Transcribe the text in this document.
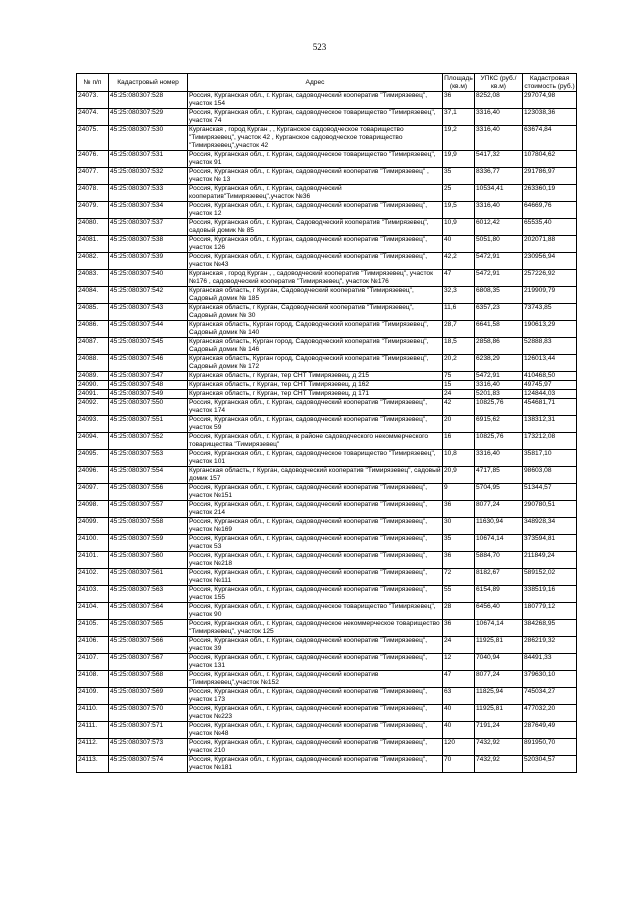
523
№ п/п	Кадастровый номер	Адрес	Площадь (кв.м)	УПКС (руб./кв.м)	Кадастровая стоимость (руб.)
24073.	45:25:080307:528	Россия, Курганская обл., г. Курган, садоводческий кооператив "Тимирязевец", участок 154	36	8252,08	297074,98
24074.	45:25:080307:529	Россия, Курганская обл., г. Курган, садоводческое товарищество "Тимирязевец", участок 74	37,1	3316,40	123038,36
24075.	45:25:080307:530	Курганская , город Курган , , Курганское садоводческое товарищество "Тимирязевец", участок 42 , Курганское садоводческое товарищество "Тимирязевец",участок 42	19,2	3316,40	63674,84
24076.	45:25:080307:531	Россия, Курганская обл., г. Курган, садоводческое товарищество "Тимирязевец", участок 91	19,9	5417,32	107804,62
24077.	45:25:080307:532	Россия, Курганская обл., г. Курган, садоводческий кооператив "Тимирязевец" , участок № 13	35	8336,77	291786,97
24078.	45:25:080307:533	Россия, Курганская обл., г. Курган, садоводческий кооператив"Тимирязевец",участок №36	25	10534,41	263360,19
24079.	45:25:080307:534	Россия, Курганская обл., г. Курган, садоводческий кооператив "Тимирязевец", участок 12	19,5	3316,40	64669,76
24080.	45:25:080307:537	Россия, Курганская обл., г. Курган, Садоводческий кооператив "Тимирязевец", садовый домик № 85	10,9	6012,42	65535,40
24081.	45:25:080307:538	Россия, Курганская обл., г. Курган, садоводческий кооператив "Тимирязевец", участок 126	40	5051,80	202071,88
24082.	45:25:080307:539	Россия, Курганская обл., г. Курган, садоводческий кооператив "Тимирязевец", участок №43	42,2	5472,91	230956,94
24083.	45:25:080307:540	Курганская , город Курган , , садоводческий кооператив "Тимирязевец", участок №176 , садоводческий кооператив "Тимирязевец", участок №176	47	5472,91	257226,92
24084.	45:25:080307:542	Курганская область, г Курган, Садоводческий кооператив "Тимирязевец", Садовый домик № 185	32,3	6808,35	219909,79
24085.	45:25:080307:543	Курганская область, г Курган, Садоводческий кооператив "Тимирязевец", Садовый домик № 30	11,6	6357,23	73743,85
24086.	45:25:080307:544	Курганская область, Курган город, Садоводческий кооператив "Тимирязевец", Садовый домик № 140	28,7	6641,58	190613,29
24087.	45:25:080307:545	Курганская область, Курган город, Садоводческий кооператив "Тимирязевец", Садовый домик № 146	18,5	2858,86	52888,83
24088.	45:25:080307:546	Курганская область, Курган город, Садоводческий кооператив "Тимирязевец", Садовый домик № 172	20,2	6238,29	126013,44
24089.	45:25:080307:547	Курганская область, г Курган, тер СНТ Тимирязевец, д 215	75	5472,91	410468,50
24090.	45:25:080307:548	Курганская область, г Курган, тер СНТ Тимирязевец, д 162	15	3316,40	49745,97
24091.	45:25:080307:549	Курганская область, г Курган, тер СНТ Тимирязевец, д 171	24	5201,83	124844,03
24092.	45:25:080307:550	Россия, Курганская обл., г. Курган, садоводческий кооператив "Тимирязевец", участок 174	42	10825,76	454681,71
24093.	45:25:080307:551	Россия, Курганская обл., г. Курган, садоводческий кооператив "Тимирязевец", участок 59	20	6915,62	138312,31
24094.	45:25:080307:552	Россия, Курганская обл., г. Курган, в районе садоводческого некоммерческого товарищества "Тимирязевец"	16	10825,76	173212,08
24095.	45:25:080307:553	Россия, Курганская обл., г. Курган, садоводческое товарищество "Тимирязевец", участок 101	10,8	3316,40	35817,10
24096.	45:25:080307:554	Курганская область, г Курган, садоводческий кооператив "Тимирязевец", садовый домик 157	20,9	4717,85	98603,08
24097.	45:25:080307:556	Россия, Курганская обл., г. Курган, садоводческий кооператив "Тимирязевец", участок №151	9	5704,95	51344,57
24098.	45:25:080307:557	Россия, Курганская обл., г. Курган, садоводческий кооператив "Тимирязевец", участок 214	36	8077,24	290780,51
24099.	45:25:080307:558	Россия, Курганская обл., г. Курган, садоводческий кооператив "Тимирязевец", участок №169	30	11630,94	348928,34
24100.	45:25:080307:559	Россия, Курганская обл., г. Курган, садоводческий кооператив "Тимирязевец", участок 53	35	10674,14	373594,81
24101.	45:25:080307:560	Россия, Курганская обл., г. Курган, садоводческий кооператив "Тимирязевец", участок №218	36	5884,70	211849,24
24102.	45:25:080307:561	Россия, Курганская обл., г. Курган, садоводческий кооператив "Тимирязевец", участок №111	72	8182,67	589152,02
24103.	45:25:080307:563	Россия, Курганская обл., г. Курган, садоводческий кооператив "Тимирязевец", участок 155	55	6154,89	338519,16
24104.	45:25:080307:564	Россия, Курганская обл., г. Курган, садоводческое товарищество "Тимирязевец", участок 90	28	6456,40	180779,12
24105.	45:25:080307:565	Россия, Курганская обл., г. Курган, садоводческое некоммерческое товарищество "Тимирязевец", участок 125	36	10674,14	384268,95
24106.	45:25:080307:566	Россия, Курганская обл., г. Курган, садоводческий кооператив "Тимирязевец", участок 39	24	11925,81	286219,32
24107.	45:25:080307:567	Россия, Курганская обл., г. Курган, садоводческий кооператив "Тимирязевец", участок 131	12	7040,94	84491,33
24108.	45:25:080307:568	Россия, Курганская обл., г. Курган, садоводческий кооператив "Тимирязевец",участок №152	47	8077,24	379630,10
24109.	45:25:080307:569	Россия, Курганская обл., г. Курган, садоводческий кооператив "Тимирязевец", участок 173	63	11825,94	745034,27
24110.	45:25:080307:570	Россия, Курганская обл., г. Курган, садоводческий кооператив "Тимирязевец", участок №223	40	11925,81	477032,20
24111.	45:25:080307:571	Россия, Курганская обл., г. Курган, садоводческий кооператив "Тимирязевец", участок №48	40	7191,24	287649,49
24112.	45:25:080307:573	Россия, Курганская обл., г. Курган, садоводческий кооператив "Тимирязевец", участок 210	120	7432,92	891950,70
24113.	45:25:080307:574	Россия, Курганская обл., г. Курган, садоводческий кооператив "Тимирязевец", участок №181	70	7432,92	520304,57
